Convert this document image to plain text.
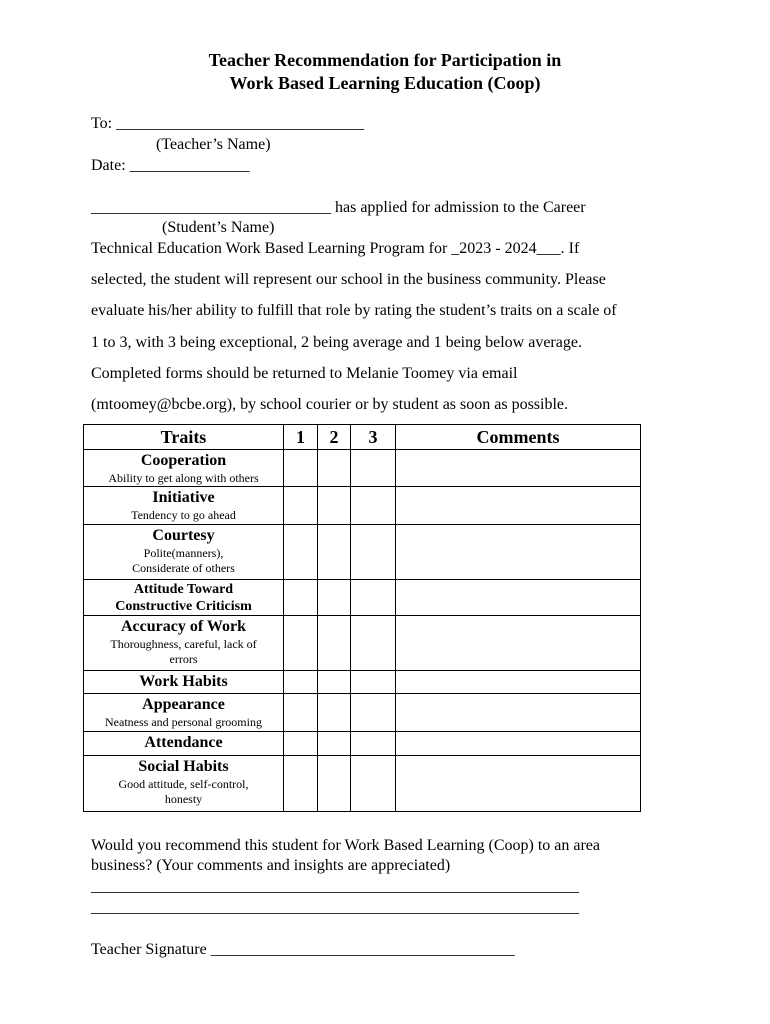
Teacher Recommendation for Participation in
Work Based Learning Education (Coop)
To: _______________________________
(Teacher’s Name)
Date: _______________
______________________________ has applied for admission to the Career
(Student’s Name)
Technical Education Work Based Learning Program for _2023 - 2024___. If
selected, the student will represent our school in the business community. Please
evaluate his/her ability to fulfill that role by rating the student’s traits on a scale of
1 to 3, with 3 being exceptional, 2 being average and 1 being below average.
Completed forms should be returned to Melanie Toomey via email
(mtoomey@bcbe.org), by school courier or by student as soon as possible.
Traits	1	2	3	Comments

Cooperation
Ability to get along with others				

Initiative
Tendency to go ahead				

Courtesy
Polite(manners),
Considerate of others				

Attitude Toward
Constructive Criticism				

Accuracy of Work
Thoroughness, careful, lack of
errors				

Work Habits				

Appearance
Neatness and personal grooming				

Attendance				

Social Habits
Good attitude, self-control,
honesty				

Would you recommend this student for Work Based Learning (Coop) to an area
business? (Your comments and insights are appreciated)
_____________________________________________________________
_____________________________________________________________
Teacher Signature ______________________________________
